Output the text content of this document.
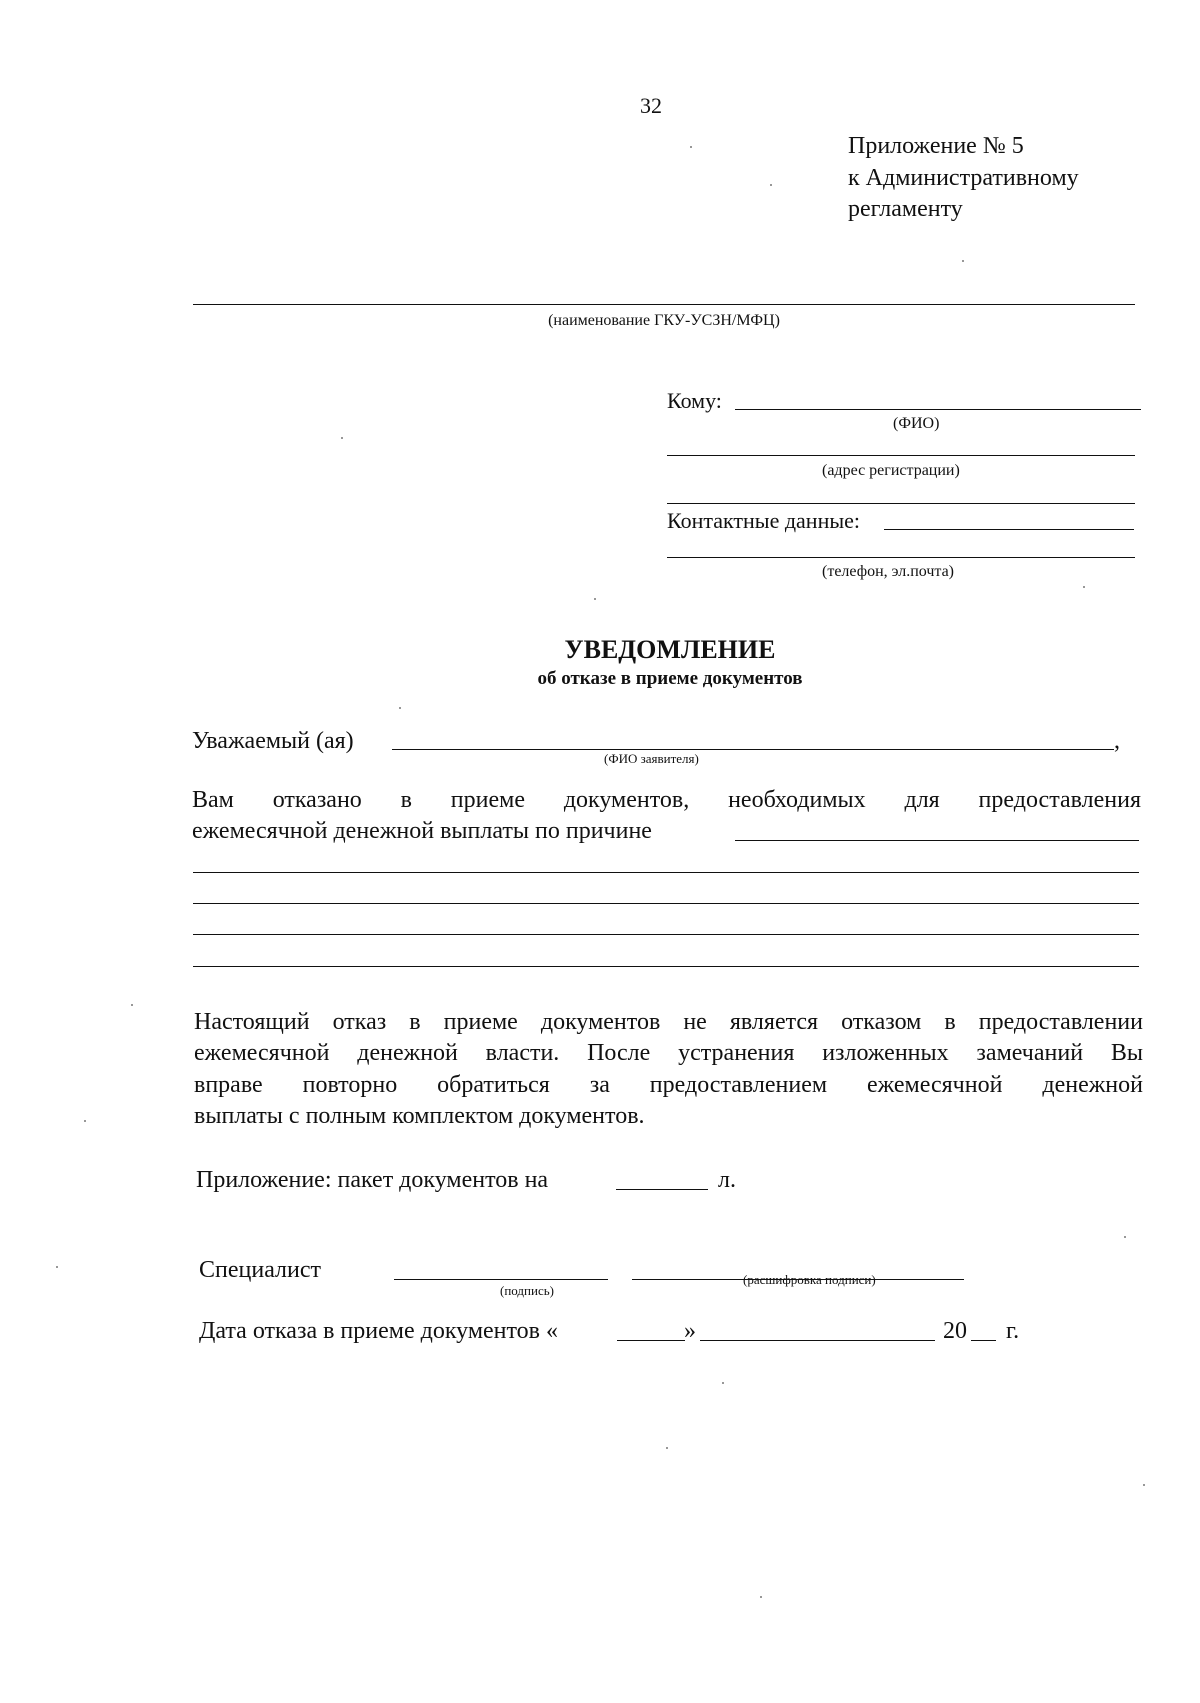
32
Приложение № 5
к Административному
регламенту
(наименование ГКУ-УСЗН/МФЦ)
Кому:
(ФИО)
(адрес регистрации)
Контактные данные:
(телефон, эл.почта)
УВЕДОМЛЕНИЕ
об отказе в приеме документов
Уважаемый (ая)	,
(ФИО заявителя)
Вам отказано в приеме документов, необходимых для предоставления
ежемесячной денежной выплаты по причине
Настоящий отказ в приеме документов не является отказом в предоставлении
ежемесячной денежной власти. После устранения изложенных замечаний Вы
вправе повторно обратиться за предоставлением ежемесячной денежной
выплаты с полным комплектом документов.
Приложение: пакет документов на	л.
Специалист
(подпись)
(расшифровка подписи)
Дата отказа в приеме документов «	»	20 г.
